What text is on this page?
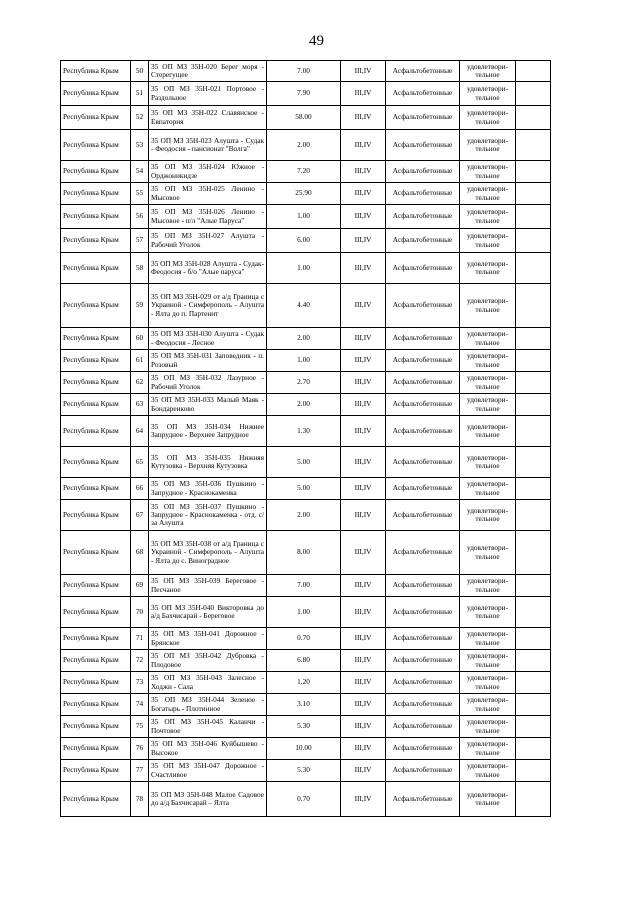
49
Республика Крым	50	35 ОП МЗ 35Н-020 Берег моря - Стерегущее	7.00	III,IV	Асфальтобетонные	удовлетвори-тельное	
Республика Крым	51	35 ОП МЗ 35Н-021 Портовое - Раздольное	7.90	III,IV	Асфальтобетонные	удовлетвори-тельное	
Республика Крым	52	35 ОП МЗ 35Н-022 Славянское - Евпатория	58.00	III,IV	Асфальтобетонные	удовлетвори-тельное	
Республика Крым	53	35 ОП МЗ 35Н-023 Алушта - Судак - Феодосия - пансионат "Волга"	2.00	III,IV	Асфальтобетонные	удовлетвори-тельное	
Республика Крым	54	35 ОП МЗ 35Н-024 Южное - Орджоникидзе	7.20	III,IV	Асфальтобетонные	удовлетвори-тельное	
Республика Крым	55	35 ОП МЗ 35Н-025 Ленино - Мысовое	25.90	III,IV	Асфальтобетонные	удовлетвори-тельное	
Республика Крым	56	35 ОП МЗ 35Н-026 Ленино - Мысовое - п/л "Алые Паруса"	1.00	III,IV	Асфальтобетонные	удовлетвори-тельное	
Республика Крым	57	35 ОП МЗ 35Н-027 Алушта - Рабочий Уголок	6.00	III,IV	Асфальтобетонные	удовлетвори-тельное	
Республика Крым	58	35 ОП МЗ 35Н-028 Алушта - Судак-Феодосия - б/о "Алые паруса"	1.00	III,IV	Асфальтобетонные	удовлетвори-тельное	
Республика Крым	59	35 ОП МЗ 35Н-029 от а/д Граница с Украиной - Симферополь - Алушта - Ялта до п. Партенит	4.40	III,IV	Асфальтобетонные	удовлетвори-тельное	
Республика Крым	60	35 ОП МЗ 35Н-030 Алушта - Судак - Феодосия - Лесное	2.00	III,IV	Асфальтобетонные	удовлетвори-тельное	
Республика Крым	61	35 ОП МЗ 35Н-031 Заповедник - п. Розовый	1.00	III,IV	Асфальтобетонные	удовлетвори-тельное	
Республика Крым	62	35 ОП МЗ 35Н-032 Лазурное - Рабочий Уголок	2.70	III,IV	Асфальтобетонные	удовлетвори-тельное	
Республика Крым	63	35 ОП МЗ 35Н-033 Малый Маяк - Бондаренково	2.00	III,IV	Асфальтобетонные	удовлетвори-тельное	
Республика Крым	64	35 ОП МЗ 35Н-034 Нижнее Запрудное - Верхнее Запрудное	1.30	III,IV	Асфальтобетонные	удовлетвори-тельное	
Республика Крым	65	35 ОП МЗ 35Н-035 Нижняя Кутузовка - Верхняя Кутузовка	5.00	III,IV	Асфальтобетонные	удовлетвори-тельное	
Республика Крым	66	35 ОП МЗ 35Н-036 Пушкино - Запрудное - Краснокаменка	5.00	III,IV	Асфальтобетонные	удовлетвори-тельное	
Республика Крым	67	35 ОП МЗ 35Н-037 Пушкино - Запрудное - Краснокаменка - отд. с/за Алушта	2.00	III,IV	Асфальтобетонные	удовлетвори-тельное	
Республика Крым	68	35 ОП МЗ 35Н-038 от а/д Граница с Украиной - Симферополь - Алушта - Ялта до с. Виноградное	8.00	III,IV	Асфальтобетонные	удовлетвори-тельное	
Республика Крым	69	35 ОП МЗ 35Н-039 Береговое - Песчаное	7.00	III,IV	Асфальтобетонные	удовлетвори-тельное	
Республика Крым	70	35 ОП МЗ 35Н-040 Викторовка до а/д Бахчисарай - Береговое	1.00	III,IV	Асфальтобетонные	удовлетвори-тельное	
Республика Крым	71	35 ОП МЗ 35Н-041 Дорожное - Брянское	0.70	III,IV	Асфальтобетонные	удовлетвори-тельное	
Республика Крым	72	35 ОП МЗ 35Н-042 Дубровка - Плодовое	6.80	III,IV	Асфальтобетонные	удовлетвори-тельное	
Республика Крым	73	35 ОП МЗ 35Н-043 Залесное - Ходжи - Сала	1.20	III,IV	Асфальтобетонные	удовлетвори-тельное	
Республика Крым	74	35 ОП МЗ 35Н-044 Зеленое - Богатырь - Плотинное	3.10	III,IV	Асфальтобетонные	удовлетвори-тельное	
Республика Крым	75	35 ОП МЗ 35Н-045 Каланчи - Почтовое	5.30	III,IV	Асфальтобетонные	удовлетвори-тельное	
Республика Крым	76	35 ОП МЗ 35Н-046 Куйбышево - Высокое	10.00	III,IV	Асфальтобетонные	удовлетвори-тельное	
Республика Крым	77	35 ОП МЗ 35Н-047 Дорожное - Счастливое	5.30	III,IV	Асфальтобетонные	удовлетвори-тельное	
Республика Крым	78	35 ОП МЗ 35Н-048 Малое Садовое до а/д Бахчисарай – Ялта	0.70	III,IV	Асфальтобетонные	удовлетвори-тельное	
